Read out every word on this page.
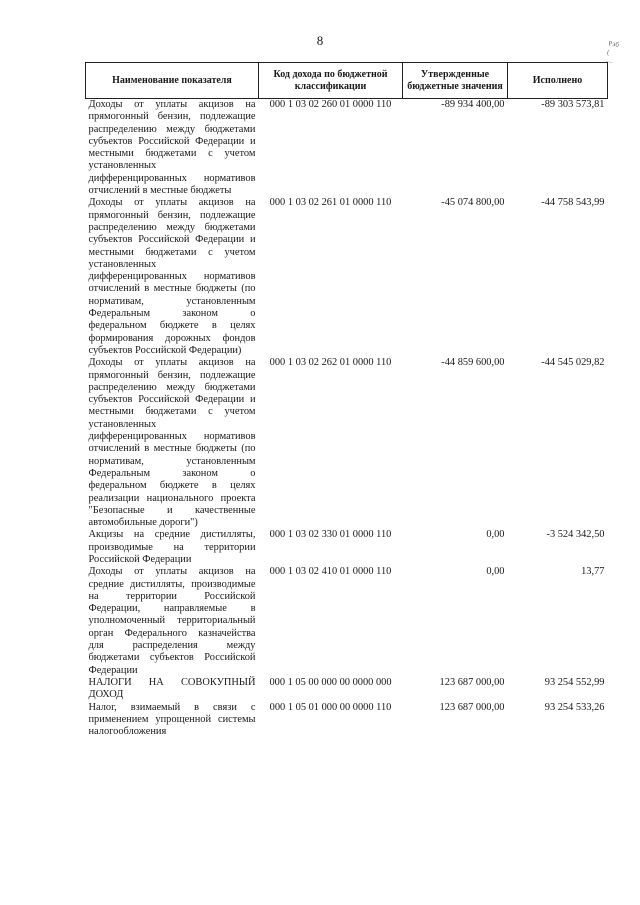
8	Рэб
(
—
Наименование показателя	Код дохода по бюджетной классификации	Утвержденные бюджетные значения	Исполнено
Доходы от уплаты акцизов на прямогонный бензин, подлежащие распределению между бюджетами субъектов Российской Федерации и местными бюджетами с учетом установленных дифференцированных нормативов отчислений в местные бюджеты	000 1 03 02 260 01 0000 110	-89 934 400,00	-89 303 573,81
Доходы от уплаты акцизов на прямогонный бензин, подлежащие распределению между бюджетами субъектов Российской Федерации и местными бюджетами с учетом установленных дифференцированных нормативов отчислений в местные бюджеты (по нормативам, установленным Федеральным законом о федеральном бюджете в целях формирования дорожных фондов субъектов Российской Федерации)	000 1 03 02 261 01 0000 110	-45 074 800,00	-44 758 543,99
Доходы от уплаты акцизов на прямогонный бензин, подлежащие распределению между бюджетами субъектов Российской Федерации и местными бюджетами с учетом установленных дифференцированных нормативов отчислений в местные бюджеты (по нормативам, установленным Федеральным законом о федеральном бюджете в целях реализации национального проекта "Безопасные и качественные автомобильные дороги")	000 1 03 02 262 01 0000 110	-44 859 600,00	-44 545 029,82
Акцизы на средние дистилляты, производимые на территории Российской Федерации	000 1 03 02 330 01 0000 110	0,00	-3 524 342,50
Доходы от уплаты акцизов на средние дистилляты, производимые на территории Российской Федерации, направляемые в уполномоченный территориальный орган Федерального казначейства для распределения между бюджетами субъектов Российской Федерации	000 1 03 02 410 01 0000 110	0,00	13,77
НАЛОГИ НА СОВОКУПНЫЙ ДОХОД	000 1 05 00 000 00 0000 000	123 687 000,00	93 254 552,99
Налог, взимаемый в связи с применением упрощенной системы налогообложения	000 1 05 01 000 00 0000 110	123 687 000,00	93 254 533,26
